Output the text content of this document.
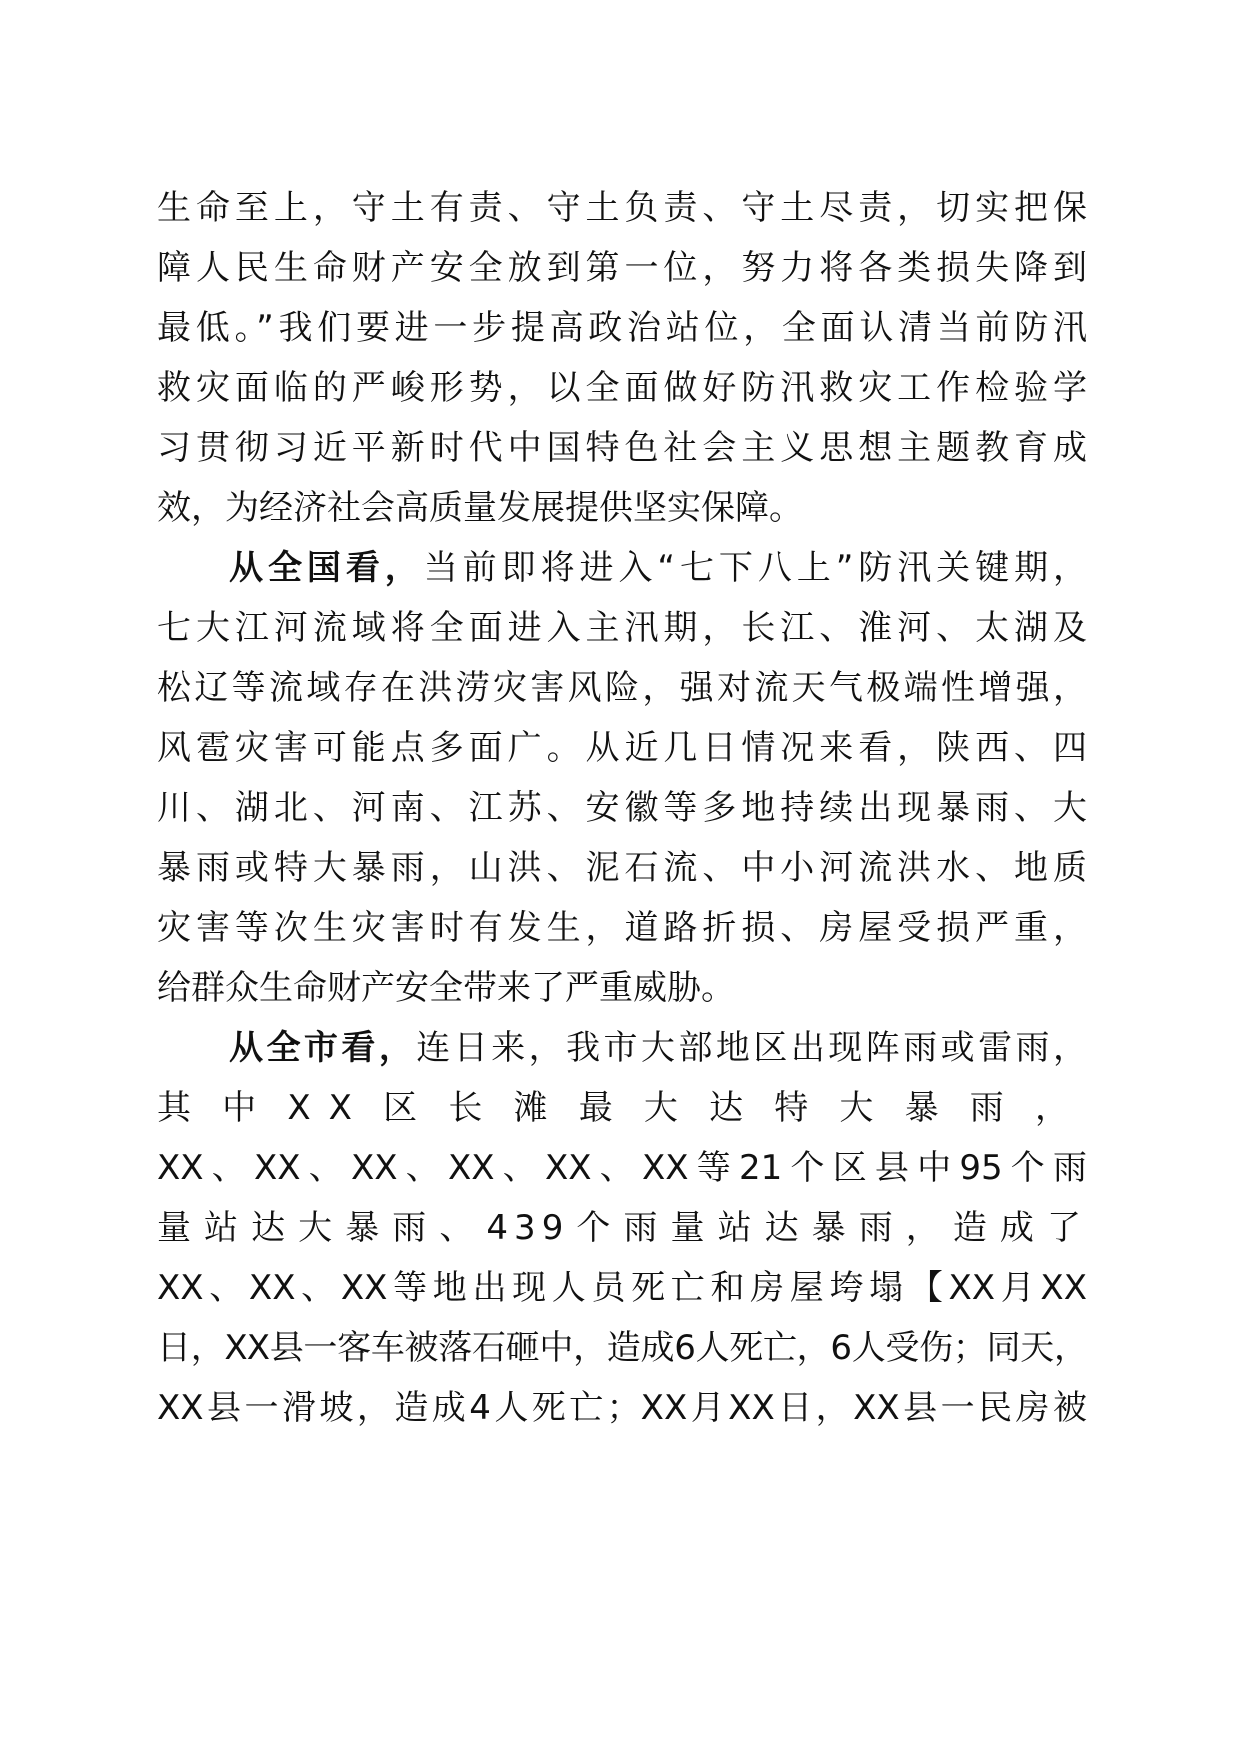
生命至上，守土有责、守土负责、守土尽责，切实把保
障人民生命财产安全放到第一位，努力将各类损失降到
最低。”我们要进一步提高政治站位，全面认清当前防汛
救灾面临的严峻形势，以全面做好防汛救灾工作检验学
习贯彻习近平新时代中国特色社会主义思想主题教育成
效，为经济社会高质量发展提供坚实保障。
从全国看，当前即将进入“七下八上”防汛关键期，
七大江河流域将全面进入主汛期，长江、淮河、太湖及
松辽等流域存在洪涝灾害风险，强对流天气极端性增强，
风雹灾害可能点多面广。从近几日情况来看，陕西、四
川、湖北、河南、江苏、安徽等多地持续出现暴雨、大
暴雨或特大暴雨，山洪、泥石流、中小河流洪水、地质
灾害等次生灾害时有发生，道路折损、房屋受损严重，
给群众生命财产安全带来了严重威胁。
从全市看，连日来，我市大部地区出现阵雨或雷雨，
其中XX区长滩最大达特大暴雨，
XX、XX、XX、XX、XX、XX等21个区县中95个雨
量站达大暴雨、439个雨量站达暴雨，造成了
XX、XX、XX等地出现人员死亡和房屋垮塌【XX月XX
日，XX县一客车被落石砸中，造成6人死亡，6人受伤；同天，
XX县一滑坡，造成4人死亡；XX月XX日，XX县一民房被
